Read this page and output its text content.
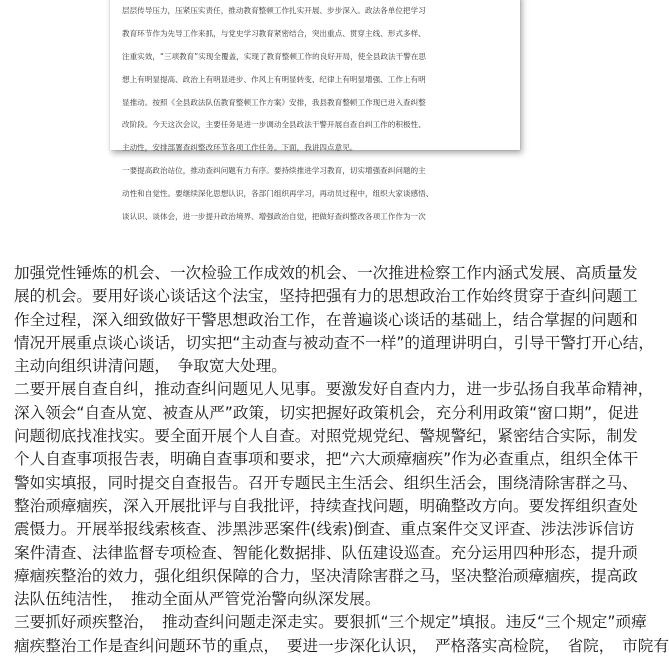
层层传导压力，压紧压实责任，推动教育整顿工作扎实开展、步步深入。政法各单位把学习

教育环节作为先导工作来抓，与党史学习教育紧密结合，突出重点、贯穿主线、形式多样、

注重实效，“三项教育”实现全覆盖，实现了教育整顿工作的良好开局，使全县政法干警在思

想上有明显提高、政治上有明显进步、作风上有明显转变、纪律上有明显增强、工作上有明

显推动。按照《全县政法队伍教育整顿工作方案》安排，我县教育整顿工作现已进入查纠整

改阶段。今天这次会议，主要任务是进一步调动全县政法干警开展自查自纠工作的积极性、

主动性，安排部署查纠整改环节各项工作任务。下面，我讲四点意见。

一要提高政治站位，推动查纠问题有力有序。要持续推进学习教育，切实增强查纠问题的主

动性和自觉性。要继续深化思想认识，各部门组织再学习，再动员过程中，组织大家谈感悟、

谈认识、谈体会，进一步提升政治境界、增强政治自觉，把做好查纠整改各项工作作为一次

加强党性锤炼的机会、一次检验工作成效的机会、一次推进检察工作内涵式发展、高质量发
展的机会。要用好谈心谈话这个法宝，坚持把强有力的思想政治工作始终贯穿于查纠问题工
作全过程，深入细致做好干警思想政治工作，在普遍谈心谈话的基础上，结合掌握的问题和
情况开展重点谈心谈话，切实把“主动查与被动查不一样”的道理讲明白，引导干警打开心结，
主动向组织讲清问题，　争取宽大处理。
二要开展自查自纠，推动查纠问题见人见事。要激发好自查内力，进一步弘扬自我革命精神，
深入领会“自查从宽、被查从严”政策，切实把握好政策机会，充分利用政策“窗口期”，促进
问题彻底找准找实。要全面开展个人自查。对照党规党纪、警规警纪，紧密结合实际，制发
个人自查事项报告表，明确自查事项和要求，把“六大顽瘴痼疾”作为必查重点，组织全体干
警如实填报，同时提交自查报告。召开专题民主生活会、组织生活会，围绕清除害群之马、
整治顽瘴痼疾，深入开展批评与自我批评，持续查找问题，明确整改方向。要发挥组织查处
震慑力。开展举报线索核查、涉黑涉恶案件(线索)倒查、重点案件交叉评查、涉法涉诉信访
案件清查、法律监督专项检查、智能化数据排、队伍建设巡查。充分运用四种形态，提升顽
瘴痼疾整治的效力，强化组织保障的合力，坚决清除害群之马，坚决整治顽瘴痼疾，提高政
法队伍纯洁性，　推动全面从严管党治警向纵深发展。
三要抓好顽疾整治，　推动查纠问题走深走实。要狠抓“三个规定”填报。违反“三个规定”顽瘴
痼疾整治工作是查纠问题环节的重点，　要进一步深化认识，　严格落实高检院，　省院，　市院有
